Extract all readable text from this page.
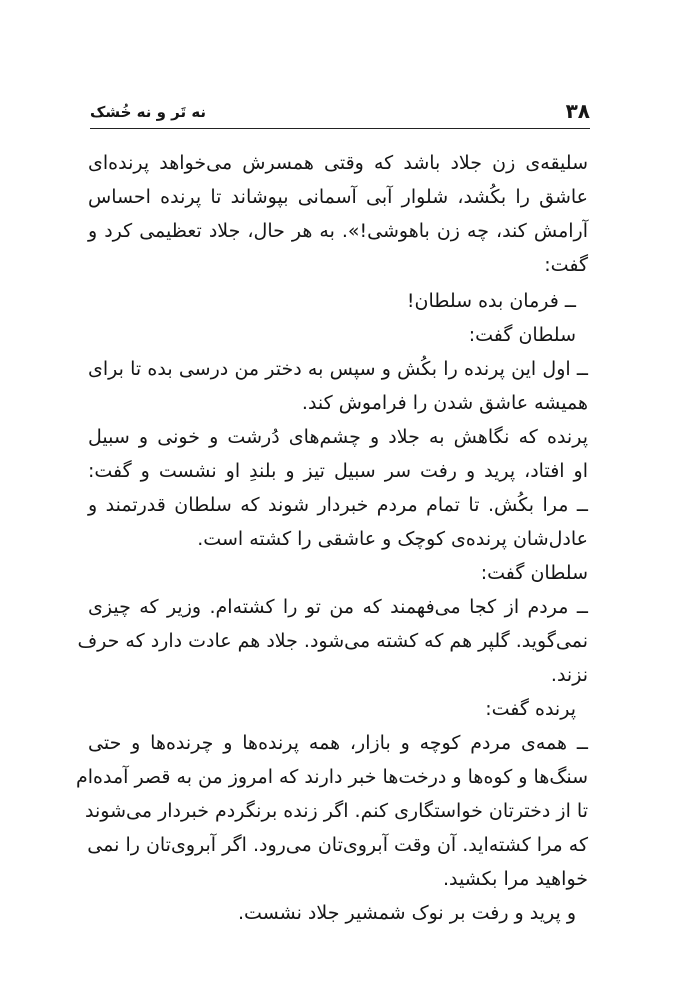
۳۸
نه تَر و نه خُشک
سلیقه‌ی زن جلاد باشد که وقتی همسرش می‌خواهد پرنده‌ای
عاشق را بکُشد، شلوار آبی آسمانی بپوشاند تا پرنده احساس
آرامش کند، چه زن باهوشی!». به هر حال، جلاد تعظیمی کرد و
گفت:
ــ فرمان بده سلطان!
سلطان گفت:
ــ اول این پرنده را بکُش و سپس به دختر من درسی بده تا برای
همیشه عاشق شدن را فراموش کند.
پرنده که نگاهش به جلاد و چشم‌های دُرشت و خونی و سبیل
او افتاد، پرید و رفت سر سبیل تیز و بلندِ او نشست و گفت:
ــ مرا بکُش. تا تمام مردم خبردار شوند که سلطان قدرتمند و
عادل‌شان پرنده‌ی کوچک و عاشقی را کشته است.
سلطان گفت:
ــ مردم از کجا می‌فهمند که من تو را کشته‌ام. وزیر که چیزی
نمی‌گوید. گلپر هم که کشته می‌شود. جلاد هم عادت دارد که حرف
نزند.
پرنده گفت:
ــ همه‌ی مردم کوچه و بازار، همه پرنده‌ها و چرنده‌ها و حتی
سنگ‌ها و کوه‌ها و درخت‌ها خبر دارند که امروز من به قصر آمده‌ام
تا از دخترتان خواستگاری کنم. اگر زنده برنگردم خبردار می‌شوند
که مرا کشته‌اید. آن وقت آبروی‌تان می‌رود. اگر آبروی‌تان را نمی
خواهید مرا بکشید.
و پرید و رفت بر نوک شمشیر جلاد نشست.
